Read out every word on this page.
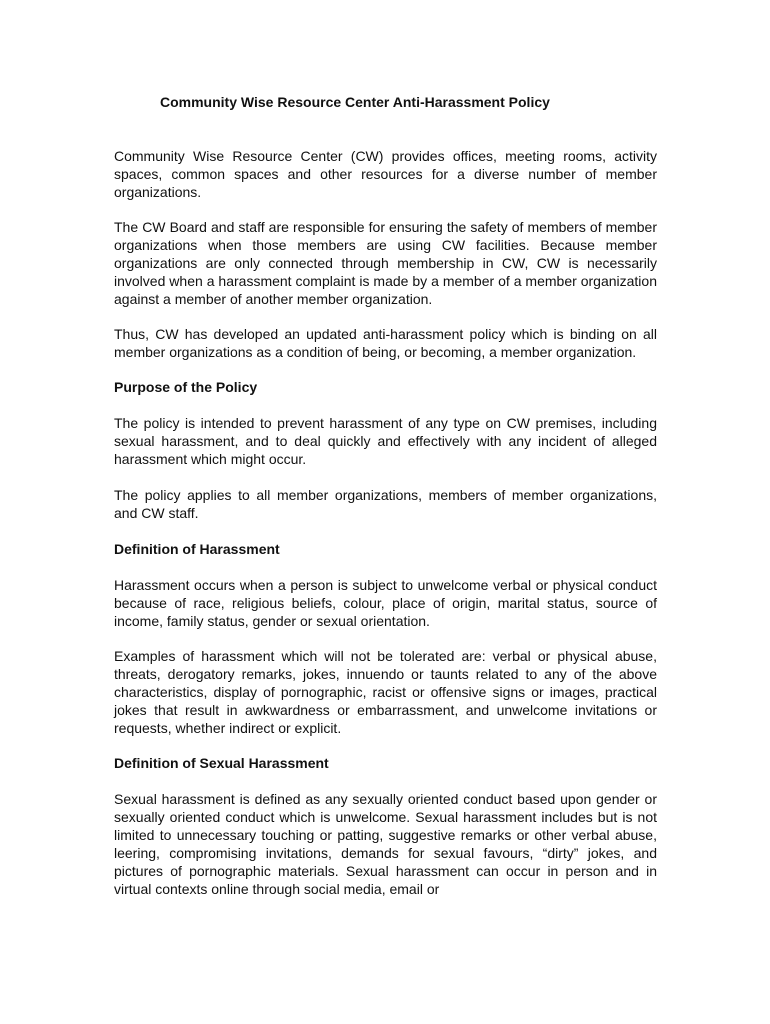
Community Wise Resource Center Anti-Harassment Policy

Community Wise Resource Center (CW) provides offices, meeting rooms, activity spaces, common spaces and other resources for a diverse number of member organizations.

The CW Board and staff are responsible for ensuring the safety of members of member organizations when those members are using CW facilities. Because member organizations are only connected through membership in CW, CW is necessarily involved when a harassment complaint is made by a member of a member organization against a member of another member organization.

Thus, CW has developed an updated anti-harassment policy which is binding on all member organizations as a condition of being, or becoming, a member organization.

Purpose of the Policy

The policy is intended to prevent harassment of any type on CW premises, including sexual harassment, and to deal quickly and effectively with any incident of alleged harassment which might occur.

The policy applies to all member organizations, members of member organizations, and CW staff.

Definition of Harassment

Harassment occurs when a person is subject to unwelcome verbal or physical conduct because of race, religious beliefs, colour, place of origin, marital status, source of income, family status, gender or sexual orientation.

Examples of harassment which will not be tolerated are: verbal or physical abuse, threats, derogatory remarks, jokes, innuendo or taunts related to any of the above characteristics, display of pornographic, racist or offensive signs or images, practical jokes that result in awkwardness or embarrassment, and unwelcome invitations or requests, whether indirect or explicit.

Definition of Sexual Harassment

Sexual harassment is defined as any sexually oriented conduct based upon gender or sexually oriented conduct which is unwelcome. Sexual harassment includes but is not limited to unnecessary touching or patting, suggestive remarks or other verbal abuse, leering, compromising invitations, demands for sexual favours, “dirty” jokes, and pictures of pornographic materials. Sexual harassment can occur in person and in virtual contexts online through social media, email or
